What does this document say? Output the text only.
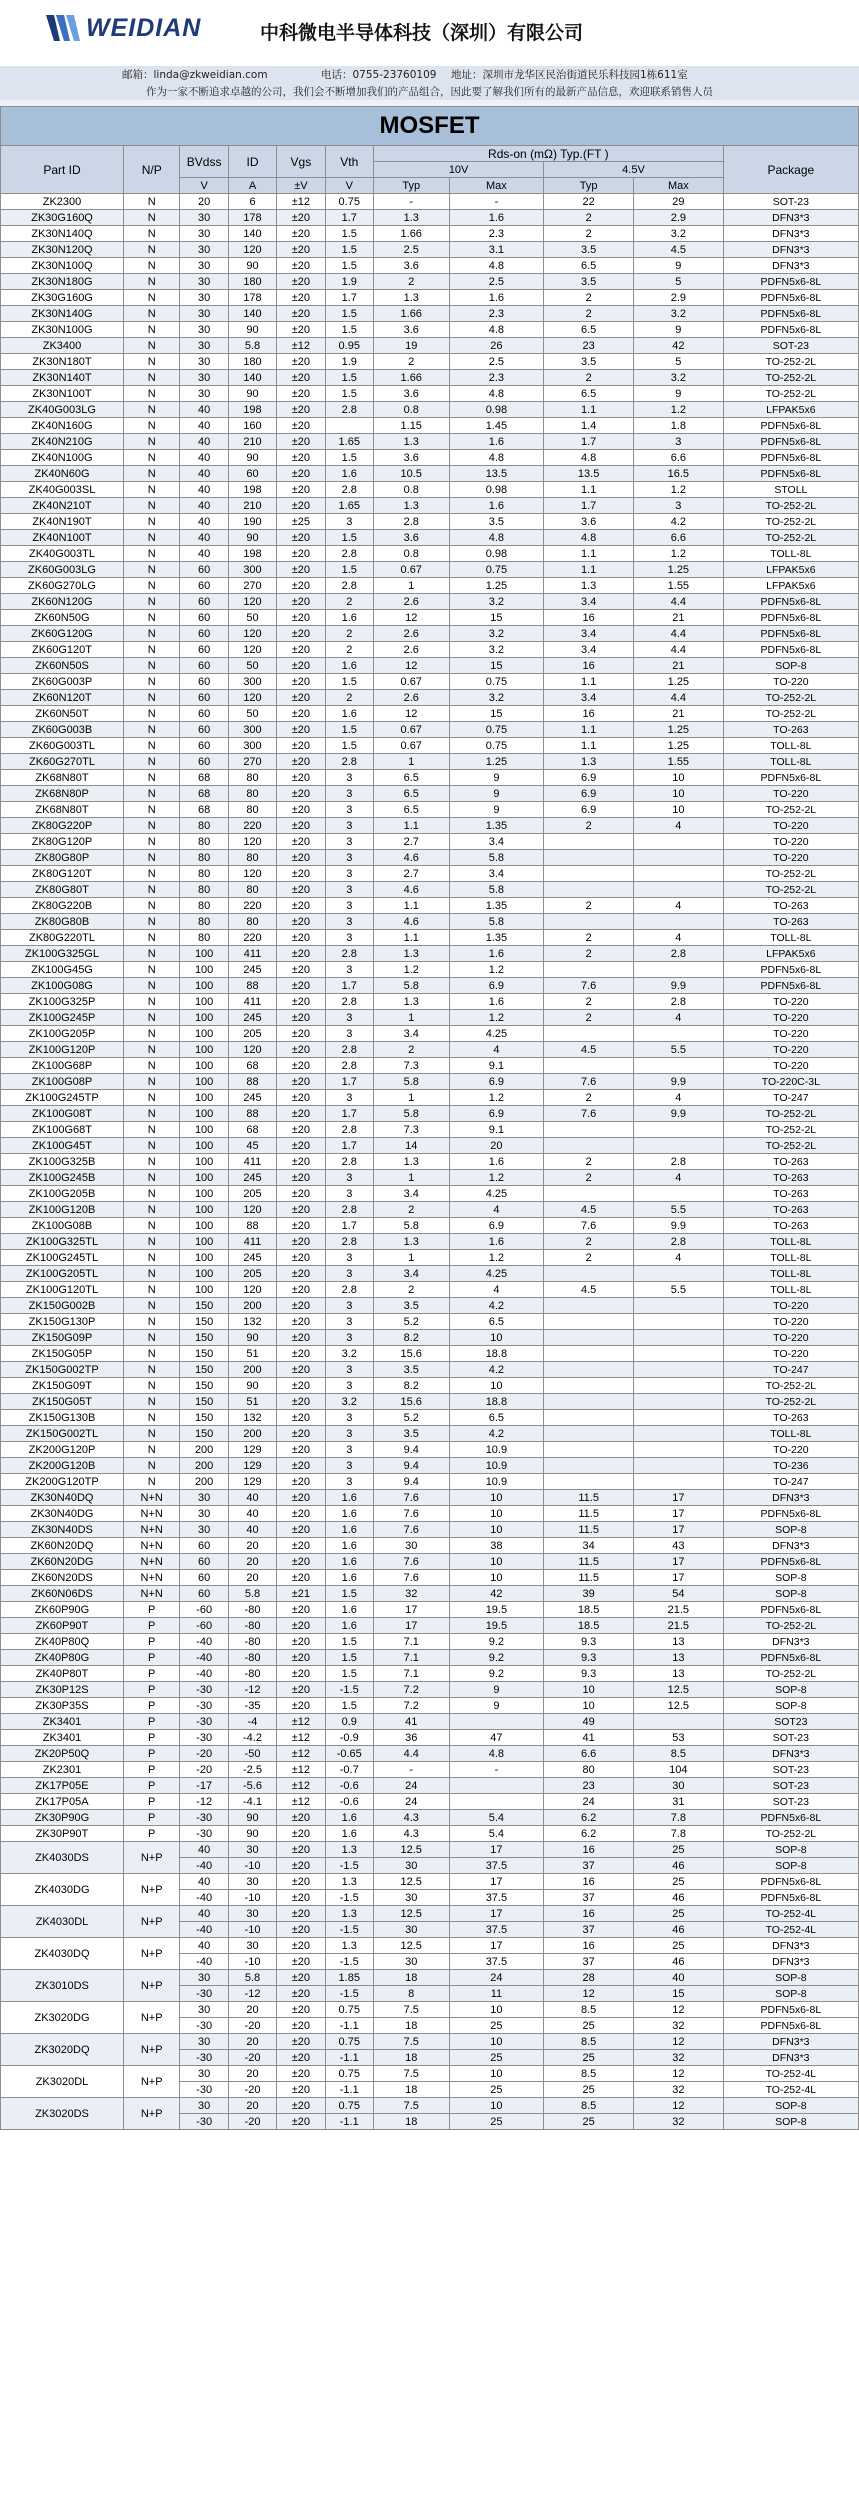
WEIDIAN	中科微电半导体科技（深圳）有限公司
邮箱：linda@zkweidian.com	电话：0755-23760109 地址：深圳市龙华区民治街道民乐科技园1栋611室
作为一家不断追求卓越的公司，我们会不断增加我们的产品组合，因此要了解我们所有的最新产品信息，欢迎联系销售人员
MOSFET										
Part ID	N/P	BVdss	ID	Vgs	Vth	Rds-on (mΩ) Typ.(FT )				Package
						10V		4.5V		
		V	A	±V	V	Typ	Max	Typ	Max	
ZK2300	N	20	6	±12	0.75	-	-	22	29	SOT-23
ZK30G160Q	N	30	178	±20	1.7	1.3	1.6	2	2.9	DFN3*3
ZK30N140Q	N	30	140	±20	1.5	1.66	2.3	2	3.2	DFN3*3
ZK30N120Q	N	30	120	±20	1.5	2.5	3.1	3.5	4.5	DFN3*3
ZK30N100Q	N	30	90	±20	1.5	3.6	4.8	6.5	9	DFN3*3
ZK30N180G	N	30	180	±20	1.9	2	2.5	3.5	5	PDFN5x6-8L
ZK30G160G	N	30	178	±20	1.7	1.3	1.6	2	2.9	PDFN5x6-8L
ZK30N140G	N	30	140	±20	1.5	1.66	2.3	2	3.2	PDFN5x6-8L
ZK30N100G	N	30	90	±20	1.5	3.6	4.8	6.5	9	PDFN5x6-8L
ZK3400	N	30	5.8	±12	0.95	19	26	23	42	SOT-23
ZK30N180T	N	30	180	±20	1.9	2	2.5	3.5	5	TO-252-2L
ZK30N140T	N	30	140	±20	1.5	1.66	2.3	2	3.2	TO-252-2L
ZK30N100T	N	30	90	±20	1.5	3.6	4.8	6.5	9	TO-252-2L
ZK40G003LG	N	40	198	±20	2.8	0.8	0.98	1.1	1.2	LFPAK5x6
ZK40N160G	N	40	160	±20		1.15	1.45	1.4	1.8	PDFN5x6-8L
ZK40N210G	N	40	210	±20	1.65	1.3	1.6	1.7	3	PDFN5x6-8L
ZK40N100G	N	40	90	±20	1.5	3.6	4.8	4.8	6.6	PDFN5x6-8L
ZK40N60G	N	40	60	±20	1.6	10.5	13.5	13.5	16.5	PDFN5x6-8L
ZK40G003SL	N	40	198	±20	2.8	0.8	0.98	1.1	1.2	STOLL
ZK40N210T	N	40	210	±20	1.65	1.3	1.6	1.7	3	TO-252-2L
ZK40N190T	N	40	190	±25	3	2.8	3.5	3.6	4.2	TO-252-2L
ZK40N100T	N	40	90	±20	1.5	3.6	4.8	4.8	6.6	TO-252-2L
ZK40G003TL	N	40	198	±20	2.8	0.8	0.98	1.1	1.2	TOLL-8L
ZK60G003LG	N	60	300	±20	1.5	0.67	0.75	1.1	1.25	LFPAK5x6
ZK60G270LG	N	60	270	±20	2.8	1	1.25	1.3	1.55	LFPAK5x6
ZK60N120G	N	60	120	±20	2	2.6	3.2	3.4	4.4	PDFN5x6-8L
ZK60N50G	N	60	50	±20	1.6	12	15	16	21	PDFN5x6-8L
ZK60G120G	N	60	120	±20	2	2.6	3.2	3.4	4.4	PDFN5x6-8L
ZK60G120T	N	60	120	±20	2	2.6	3.2	3.4	4.4	PDFN5x6-8L
ZK60N50S	N	60	50	±20	1.6	12	15	16	21	SOP-8
ZK60G003P	N	60	300	±20	1.5	0.67	0.75	1.1	1.25	TO-220
ZK60N120T	N	60	120	±20	2	2.6	3.2	3.4	4.4	TO-252-2L
ZK60N50T	N	60	50	±20	1.6	12	15	16	21	TO-252-2L
ZK60G003B	N	60	300	±20	1.5	0.67	0.75	1.1	1.25	TO-263
ZK60G003TL	N	60	300	±20	1.5	0.67	0.75	1.1	1.25	TOLL-8L
ZK60G270TL	N	60	270	±20	2.8	1	1.25	1.3	1.55	TOLL-8L
ZK68N80T	N	68	80	±20	3	6.5	9	6.9	10	PDFN5x6-8L
ZK68N80P	N	68	80	±20	3	6.5	9	6.9	10	TO-220
ZK68N80T	N	68	80	±20	3	6.5	9	6.9	10	TO-252-2L
ZK80G220P	N	80	220	±20	3	1.1	1.35	2	4	TO-220
ZK80G120P	N	80	120	±20	3	2.7	3.4			TO-220
ZK80G80P	N	80	80	±20	3	4.6	5.8			TO-220
ZK80G120T	N	80	120	±20	3	2.7	3.4			TO-252-2L
ZK80G80T	N	80	80	±20	3	4.6	5.8			TO-252-2L
ZK80G220B	N	80	220	±20	3	1.1	1.35	2	4	TO-263
ZK80G80B	N	80	80	±20	3	4.6	5.8			TO-263
ZK80G220TL	N	80	220	±20	3	1.1	1.35	2	4	TOLL-8L
ZK100G325GL	N	100	411	±20	2.8	1.3	1.6	2	2.8	LFPAK5x6
ZK100G45G	N	100	245	±20	3	1.2	1.2			PDFN5x6-8L
ZK100G08G	N	100	88	±20	1.7	5.8	6.9	7.6	9.9	PDFN5x6-8L
ZK100G325P	N	100	411	±20	2.8	1.3	1.6	2	2.8	TO-220
ZK100G245P	N	100	245	±20	3	1	1.2	2	4	TO-220
ZK100G205P	N	100	205	±20	3	3.4	4.25			TO-220
ZK100G120P	N	100	120	±20	2.8	2	4	4.5	5.5	TO-220
ZK100G68P	N	100	68	±20	2.8	7.3	9.1			TO-220
ZK100G08P	N	100	88	±20	1.7	5.8	6.9	7.6	9.9	TO-220C-3L
ZK100G245TP	N	100	245	±20	3	1	1.2	2	4	TO-247
ZK100G08T	N	100	88	±20	1.7	5.8	6.9	7.6	9.9	TO-252-2L
ZK100G68T	N	100	68	±20	2.8	7.3	9.1			TO-252-2L
ZK100G45T	N	100	45	±20	1.7	14	20			TO-252-2L
ZK100G325B	N	100	411	±20	2.8	1.3	1.6	2	2.8	TO-263
ZK100G245B	N	100	245	±20	3	1	1.2	2	4	TO-263
ZK100G205B	N	100	205	±20	3	3.4	4.25			TO-263
ZK100G120B	N	100	120	±20	2.8	2	4	4.5	5.5	TO-263
ZK100G08B	N	100	88	±20	1.7	5.8	6.9	7.6	9.9	TO-263
ZK100G325TL	N	100	411	±20	2.8	1.3	1.6	2	2.8	TOLL-8L
ZK100G245TL	N	100	245	±20	3	1	1.2	2	4	TOLL-8L
ZK100G205TL	N	100	205	±20	3	3.4	4.25			TOLL-8L
ZK100G120TL	N	100	120	±20	2.8	2	4	4.5	5.5	TOLL-8L
ZK150G002B	N	150	200	±20	3	3.5	4.2			TO-220
ZK150G130P	N	150	132	±20	3	5.2	6.5			TO-220
ZK150G09P	N	150	90	±20	3	8.2	10			TO-220
ZK150G05P	N	150	51	±20	3.2	15.6	18.8			TO-220
ZK150G002TP	N	150	200	±20	3	3.5	4.2			TO-247
ZK150G09T	N	150	90	±20	3	8.2	10			TO-252-2L
ZK150G05T	N	150	51	±20	3.2	15.6	18.8			TO-252-2L
ZK150G130B	N	150	132	±20	3	5.2	6.5			TO-263
ZK150G002TL	N	150	200	±20	3	3.5	4.2			TOLL-8L
ZK200G120P	N	200	129	±20	3	9.4	10.9			TO-220
ZK200G120B	N	200	129	±20	3	9.4	10.9			TO-236
ZK200G120TP	N	200	129	±20	3	9.4	10.9			TO-247
ZK30N40DQ	N+N	30	40	±20	1.6	7.6	10	11.5	17	DFN3*3
ZK30N40DG	N+N	30	40	±20	1.6	7.6	10	11.5	17	PDFN5x6-8L
ZK30N40DS	N+N	30	40	±20	1.6	7.6	10	11.5	17	SOP-8
ZK60N20DQ	N+N	60	20	±20	1.6	30	38	34	43	DFN3*3
ZK60N20DG	N+N	60	20	±20	1.6	7.6	10	11.5	17	PDFN5x6-8L
ZK60N20DS	N+N	60	20	±20	1.6	7.6	10	11.5	17	SOP-8
ZK60N06DS	N+N	60	5.8	±21	1.5	32	42	39	54	SOP-8
ZK60P90G	P	-60	-80	±20	1.6	17	19.5	18.5	21.5	PDFN5x6-8L
ZK60P90T	P	-60	-80	±20	1.6	17	19.5	18.5	21.5	TO-252-2L
ZK40P80Q	P	-40	-80	±20	1.5	7.1	9.2	9.3	13	DFN3*3
ZK40P80G	P	-40	-80	±20	1.5	7.1	9.2	9.3	13	PDFN5x6-8L
ZK40P80T	P	-40	-80	±20	1.5	7.1	9.2	9.3	13	TO-252-2L
ZK30P12S	P	-30	-12	±20	-1.5	7.2	9	10	12.5	SOP-8
ZK30P35S	P	-30	-35	±20	1.5	7.2	9	10	12.5	SOP-8
ZK3401	P	-30	-4	±12	0.9	41		49		SOT23
ZK3401	P	-30	-4.2	±12	-0.9	36	47	41	53	SOT-23
ZK20P50Q	P	-20	-50	±12	-0.65	4.4	4.8	6.6	8.5	DFN3*3
ZK2301	P	-20	-2.5	±12	-0.7	-	-	80	104	SOT-23
ZK17P05E	P	-17	-5.6	±12	-0.6	24		23	30	SOT-23
ZK17P05A	P	-12	-4.1	±12	-0.6	24		24	31	SOT-23
ZK30P90G	P	-30	90	±20	1.6	4.3	5.4	6.2	7.8	PDFN5x6-8L
ZK30P90T	P	-30	90	±20	1.6	4.3	5.4	6.2	7.8	TO-252-2L
ZK4030DS	N+P	40	30	±20	1.3	12.5	17	16	25	SOP-8
		-40	-10	±20	-1.5	30	37.5	37	46	SOP-8
ZK4030DG	N+P	40	30	±20	1.3	12.5	17	16	25	PDFN5x6-8L
		-40	-10	±20	-1.5	30	37.5	37	46	PDFN5x6-8L
ZK4030DL	N+P	40	30	±20	1.3	12.5	17	16	25	TO-252-4L
		-40	-10	±20	-1.5	30	37.5	37	46	TO-252-4L
ZK4030DQ	N+P	40	30	±20	1.3	12.5	17	16	25	DFN3*3
		-40	-10	±20	-1.5	30	37.5	37	46	DFN3*3
ZK3010DS	N+P	30	5.8	±20	1.85	18	24	28	40	SOP-8
		-30	-12	±20	-1.5	8	11	12	15	SOP-8
ZK3020DG	N+P	30	20	±20	0.75	7.5	10	8.5	12	PDFN5x6-8L
		-30	-20	±20	-1.1	18	25	25	32	PDFN5x6-8L
ZK3020DQ	N+P	30	20	±20	0.75	7.5	10	8.5	12	DFN3*3
		-30	-20	±20	-1.1	18	25	25	32	DFN3*3
ZK3020DL	N+P	30	20	±20	0.75	7.5	10	8.5	12	TO-252-4L
		-30	-20	±20	-1.1	18	25	25	32	TO-252-4L
ZK3020DS	N+P	30	20	±20	0.75	7.5	10	8.5	12	SOP-8
		-30	-20	±20	-1.1	18	25	25	32	SOP-8
